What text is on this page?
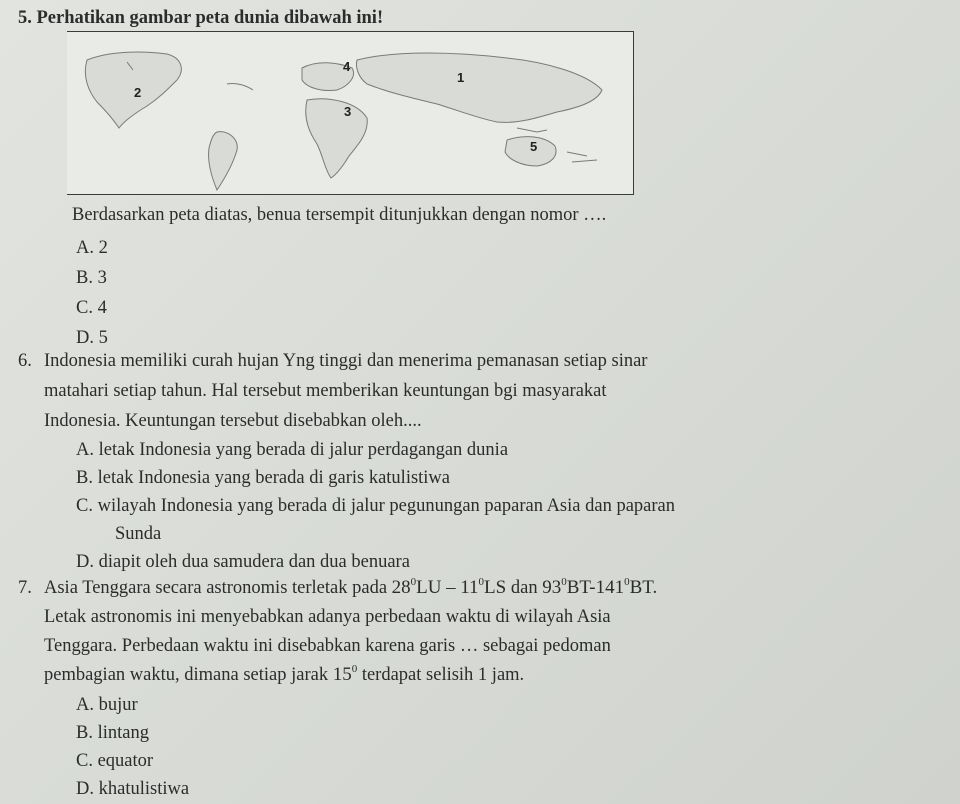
5. Perhatikan gambar peta dunia dibawah ini!
1
2
3
4
5
Berdasarkan peta diatas, benua tersempit ditunjukkan dengan nomor ….
A. 2
B. 3
C. 4
D. 5
6. Indonesia memiliki curah hujan Yng tinggi dan menerima pemanasan setiap sinar
matahari setiap tahun. Hal tersebut memberikan keuntungan bgi masyarakat
Indonesia. Keuntungan tersebut disebabkan oleh....
A. letak Indonesia yang berada di jalur perdagangan dunia
B. letak Indonesia yang berada di garis katulistiwa
C. wilayah Indonesia yang berada di jalur pegunungan paparan Asia dan paparan
Sunda
D. diapit oleh dua samudera dan dua benuara
7. Asia Tenggara secara astronomis terletak pada $28^0LU - 11^0LS$ dan $93^0BT-141^0BT$.
Letak astronomis ini menyebabkan adanya perbedaan waktu di wilayah Asia
Tenggara. Perbedaan waktu ini disebabkan karena garis … sebagai pedoman
pembagian waktu, dimana setiap jarak $15^0$ terdapat selisih 1 jam.
A. bujur
B. lintang
C. equator
D. khatulistiwa
